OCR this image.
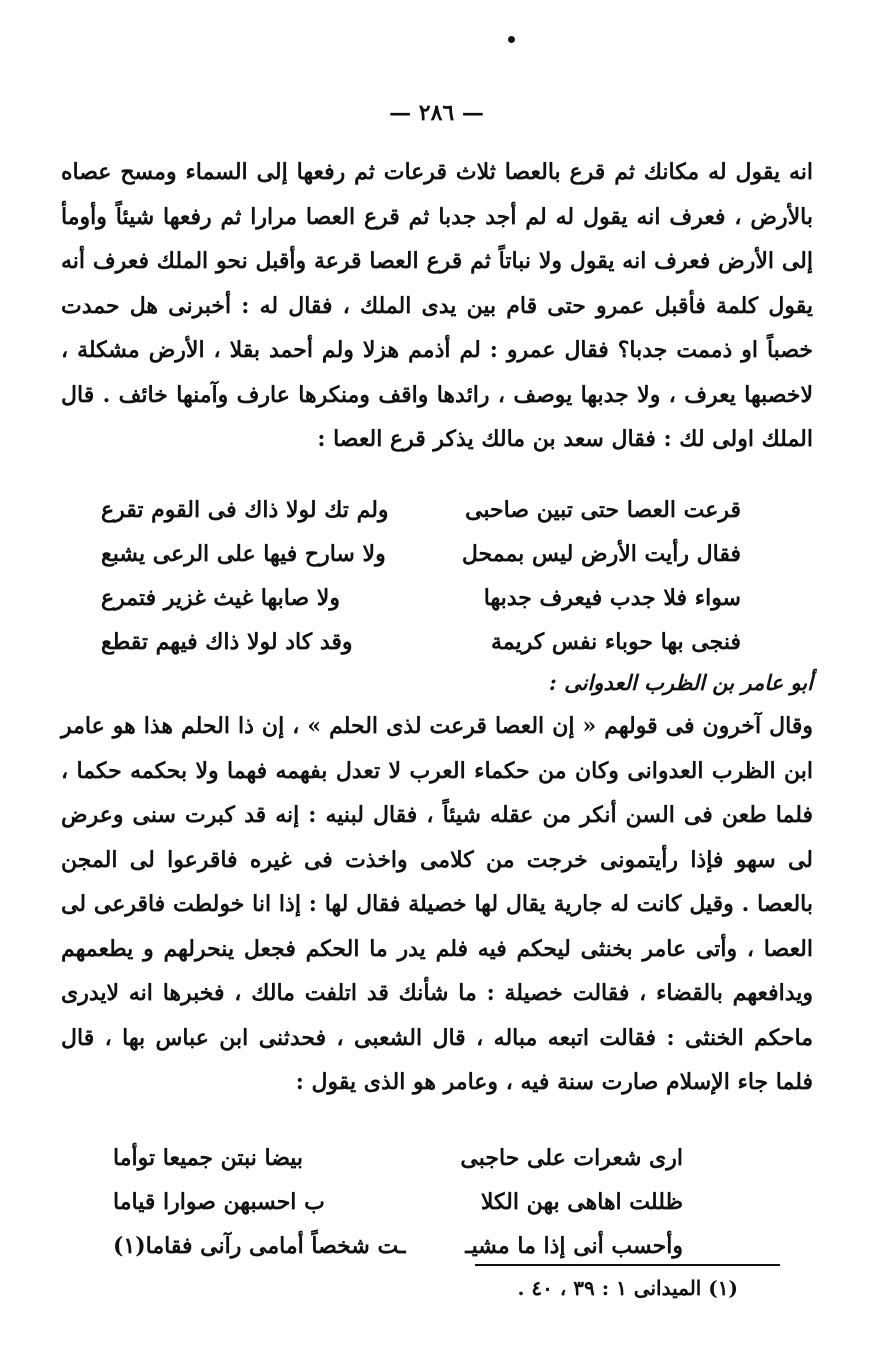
— ٢٨٦ —

انه يقول له مكانك ثم قرع بالعصا ثلاث قرعات ثم رفعها إلى السماء ومسح عصاه بالأرض ، فعرف انه يقول له لم أجد جدبا ثم قرع العصا مرارا ثم رفعها شيئاً وأومأ إلى الأرض فعرف انه يقول ولا نباتاً ثم قرع العصا قرعة وأقبل نحو الملك فعرف أنه يقول كلمة فأقبل عمرو حتى قام بين يدى الملك ، فقال له : أخبرنى هل حمدت خصباً او ذممت جدبا؟ فقال عمرو : لم أذمم هزلا ولم أحمد بقلا ، الأرض مشكلة ، لاخصبها يعرف ، ولا جدبها يوصف ، رائدها واقف ومنكرها عارف وآمنها خائف . قال الملك اولى لك : فقال سعد بن مالك يذكر قرع العصا :

قرعت العصا حتى تبين صاحبى
ولم تك لولا ذاك فى القوم تقرع
فقال رأيت الأرض ليس بممحل
ولا سارح فيها على الرعى يشبع
سواء فلا جدب فيعرف جدبها
ولا صابها غيث غزير فتمرع
فنجى بها حوباء نفس كريمة
وقد كاد لولا ذاك فيهم تقطع
أبو عامر بن الظرب العدوانى :

وقال آخرون فى قولهم « إن العصا قرعت لذى الحلم » ، إن ذا الحلم هذا هو عامر ابن الظرب العدوانى وكان من حكماء العرب لا تعدل بفهمه فهما ولا بحكمه حكما ، فلما طعن فى السن أنكر من عقله شيئاً ، فقال لبنيه : إنه قد كبرت سنى وعرض لى سهو فإذا رأيتمونى خرجت من كلامى واخذت فى غيره فاقرعوا لى المجن بالعصا . وقيل كانت له جارية يقال لها خصيلة فقال لها : إذا انا خولطت فاقرعى لى العصا ، وأتى عامر بخنثى ليحكم فيه فلم يدر ما الحكم فجعل ينحرلهم و يطعمهم ويدافعهم بالقضاء ، فقالت خصيلة : ما شأنك قد اتلفت مالك ، فخبرها انه لايدرى ماحكم الخنثى : فقالت اتبعه مباله ، قال الشعبى ، فحدثنى ابن عباس بها ، قال فلما جاء الإسلام صارت سنة فيه ، وعامر هو الذى يقول :

ارى شعرات على حاجبى
بيضا نبتن جميعا توأما
ظللت اهاهى بهن الكلا
ب احسبهن صوارا قياما
وأحسب أنى إذا ما مشيـ
ـت شخصاً أمامى رآنى فقاما(١)
(١) الميدانى ١ : ٣٩ ، ٤٠ .
